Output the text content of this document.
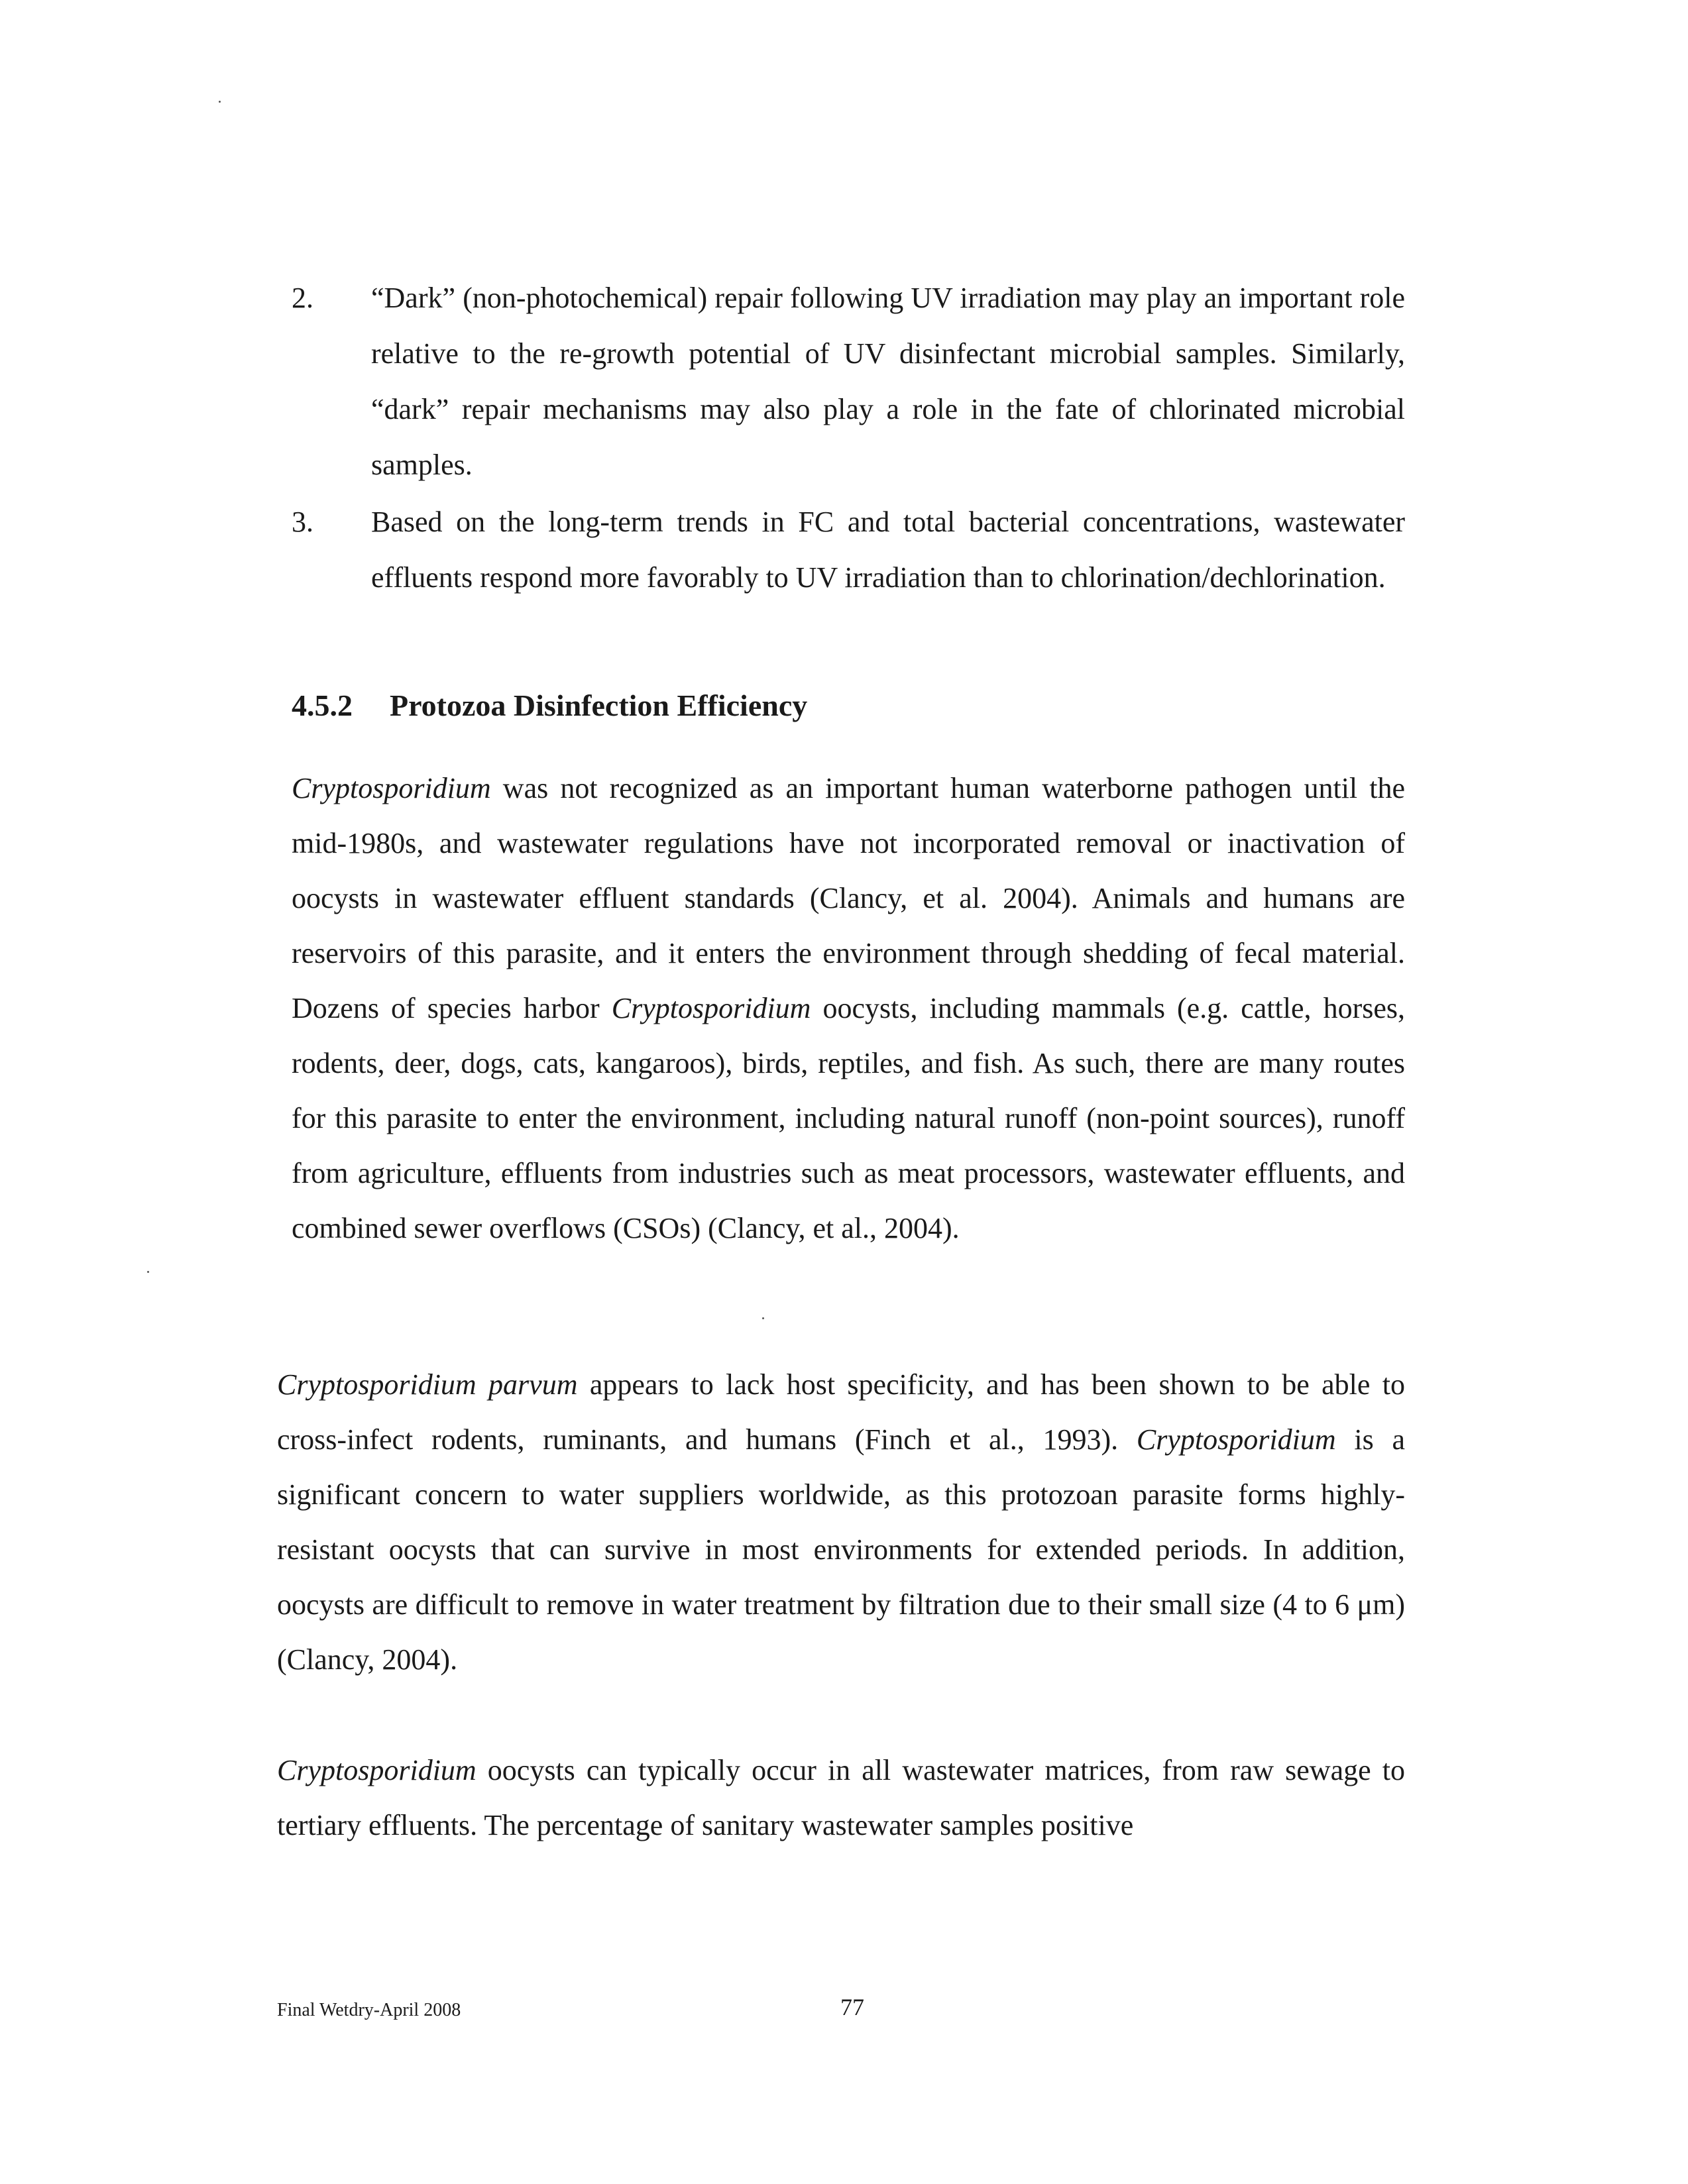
2. “Dark” (non-photochemical) repair following UV irradiation may play an important role relative to the re-growth potential of UV disinfectant microbial samples. Similarly, “dark” repair mechanisms may also play a role in the fate of chlorinated microbial samples.
3. Based on the long-term trends in FC and total bacterial concentrations, wastewater effluents respond more favorably to UV irradiation than to chlorination/dechlorination.
4.5.2 Protozoa Disinfection Efficiency
Cryptosporidium was not recognized as an important human waterborne pathogen until the mid-1980s, and wastewater regulations have not incorporated removal or inactivation of oocysts in wastewater effluent standards (Clancy, et al. 2004). Animals and humans are reservoirs of this parasite, and it enters the environment through shedding of fecal material. Dozens of species harbor Cryptosporidium oocysts, including mammals (e.g. cattle, horses, rodents, deer, dogs, cats, kangaroos), birds, reptiles, and fish. As such, there are many routes for this parasite to enter the environment, including natural runoff (non-point sources), runoff from agriculture, effluents from industries such as meat processors, wastewater effluents, and combined sewer overflows (CSOs) (Clancy, et al., 2004).
Cryptosporidium parvum appears to lack host specificity, and has been shown to be able to cross-infect rodents, ruminants, and humans (Finch et al., 1993). Cryptosporidium is a significant concern to water suppliers worldwide, as this protozoan parasite forms highly-resistant oocysts that can survive in most environments for extended periods. In addition, oocysts are difficult to remove in water treatment by filtration due to their small size (4 to 6 μm) (Clancy, 2004).
Cryptosporidium oocysts can typically occur in all wastewater matrices, from raw sewage to tertiary effluents. The percentage of sanitary wastewater samples positive
Final Wetdry-April 2008	77
